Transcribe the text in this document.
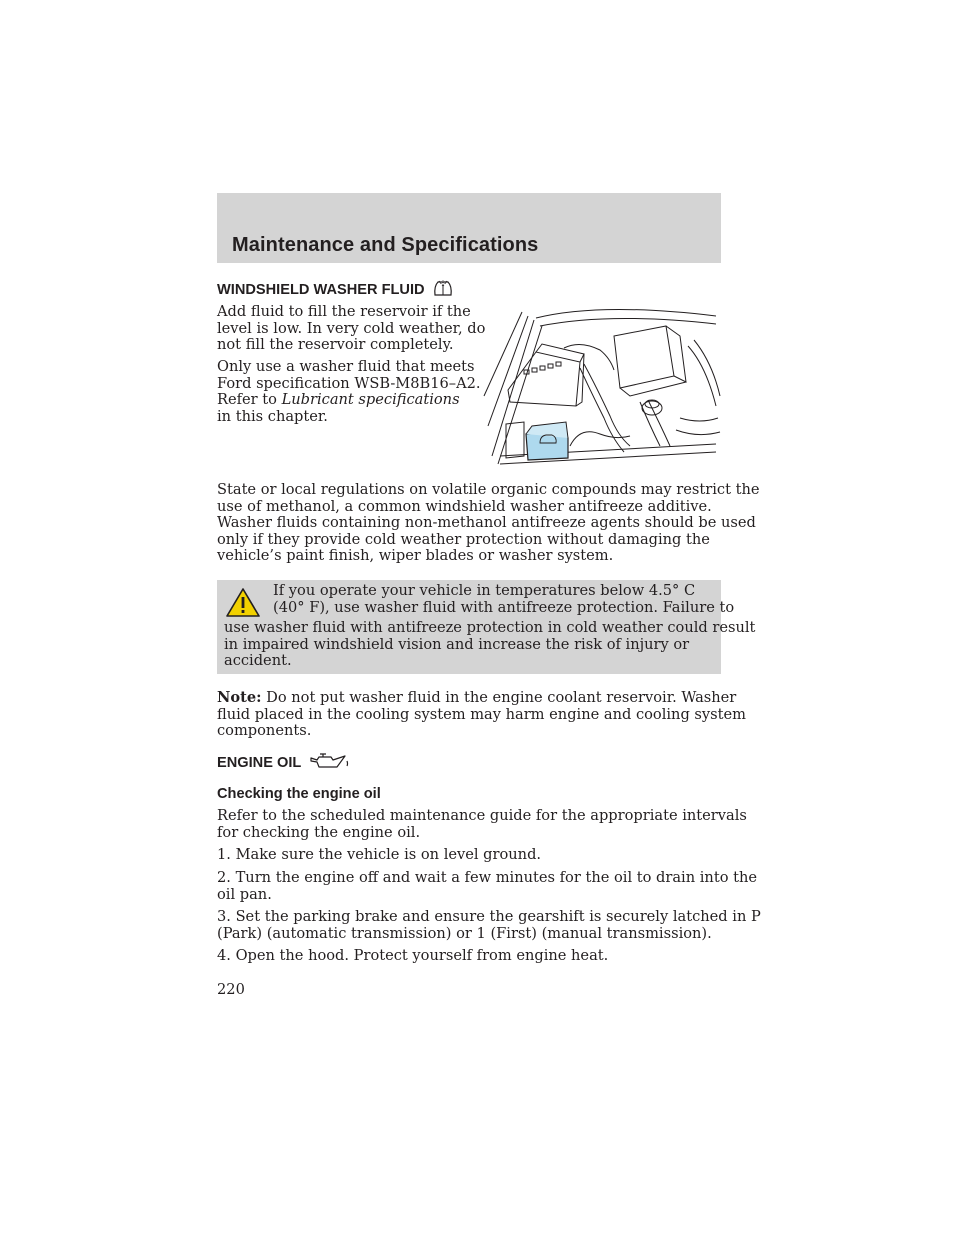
Maintenance and Specifications
WINDSHIELD WASHER FLUID
Add fluid to fill the reservoir if the
level is low. In very cold weather, do
not fill the reservoir completely.
Only use a washer fluid that meets
Ford specification WSB-M8B16–A2.
Refer to Lubricant specifications
in this chapter.
State or local regulations on volatile organic compounds may restrict the
use of methanol, a common windshield washer antifreeze additive.
Washer fluids containing non-methanol antifreeze agents should be used
only if they provide cold weather protection without damaging the
vehicle’s paint finish, wiper blades or washer system.
If you operate your vehicle in temperatures below 4.5° C
(40° F), use washer fluid with antifreeze protection. Failure to
use washer fluid with antifreeze protection in cold weather could result
in impaired windshield vision and increase the risk of injury or
accident.
Note: Do not put washer fluid in the engine coolant reservoir. Washer
fluid placed in the cooling system may harm engine and cooling system
components.
ENGINE OIL
Checking the engine oil
Refer to the scheduled maintenance guide for the appropriate intervals
for checking the engine oil.
1. Make sure the vehicle is on level ground.
2. Turn the engine off and wait a few minutes for the oil to drain into the
oil pan.
3. Set the parking brake and ensure the gearshift is securely latched in P
(Park) (automatic transmission) or 1 (First) (manual transmission).
4. Open the hood. Protect yourself from engine heat.
220
